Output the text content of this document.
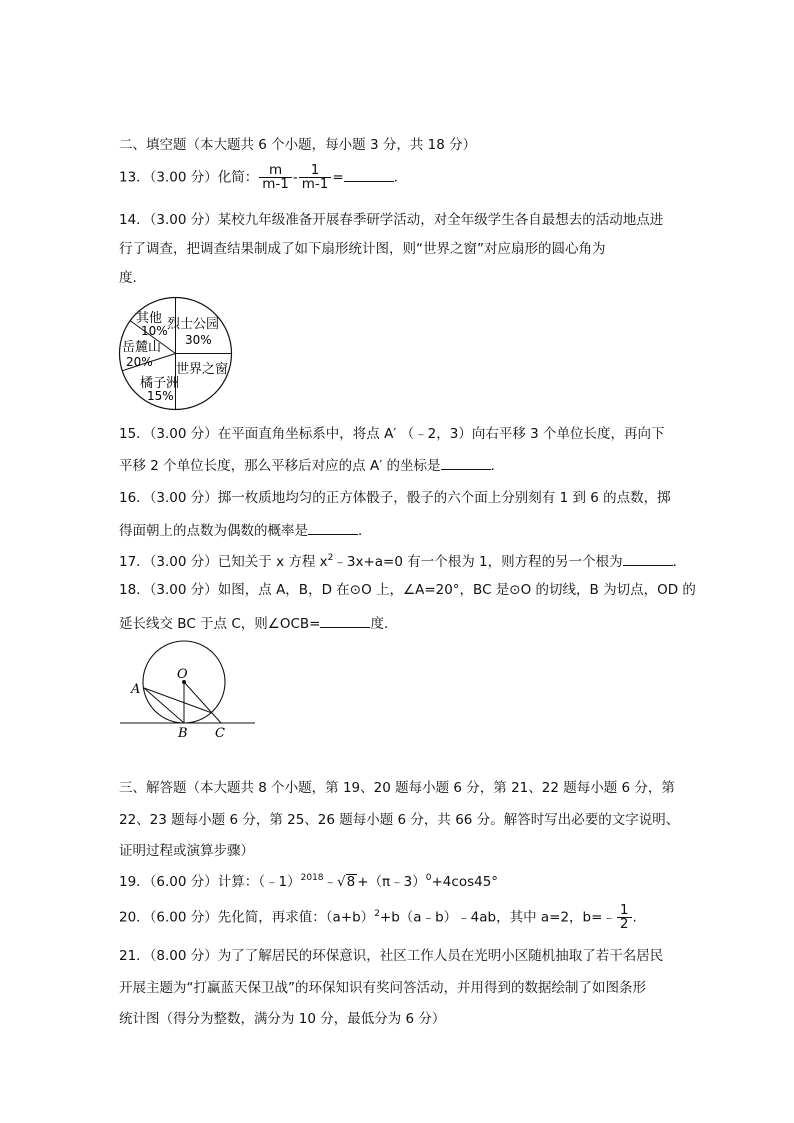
二、填空题（本大题共 6 个小题，每小题 3 分，共 18 分）
13．（3.00 分）化简： $\frac{m}{m-1} - \frac{1}{m-1}$ =	．
14．（3.00 分）某校九年级准备开展春季研学活动，对全年级学生各自最想去的活动地点进
行了调查，把调查结果制成了如下扇形统计图，则“世界之窗”对应扇形的圆心角为
度.
其他
10% 烈士公园
30%
岳麓山
20% 世界之窗
橘子洲
15%
15．（3.00 分）在平面直角坐标系中，将点 A′ （﹣2，3）向右平移 3 个单位长度，再向下
平移 2 个单位长度，那么平移后对应的点 A′ 的坐标是	．
16．（3.00 分）掷一枚质地均匀的正方体骰子，骰子的六个面上分别刻有 1 到 6 的点数，掷
得面朝上的点数为偶数的概率是	．
17．（3.00 分）已知关于 x 方程 $x^2﹣3x+a=0$ 有一个根为 1，则方程的另一个根为	．
18．（3.00 分）如图，点 A，B，D 在⊙O 上，∠A=20°，BC 是⊙O 的切线，B 为切点，OD 的
延长线交 BC 于点 C，则∠OCB=	度．
O
A
B C
三、解答题（本大题共 8 个小题，第 19、20 题每小题 6 分，第 21、22 题每小题 6 分，第
22、23 题每小题 6 分，第 25、26 题每小题 6 分，共 66 分。解答时写出必要的文字说明、
证明过程或演算步骤）
19．（6.00 分）计算：（﹣1）$^{2018}$﹣√8 +（π﹣3）$^0$+4cos45°
20．（6.00 分）先化简，再求值：$(a+b)^2+b(a﹣b)﹣4ab$，其中 a=2，b=﹣ $\frac{1}{2}$ .
21．（8.00 分）为了了解居民的环保意识，社区工作人员在光明小区随机抽取了若干名居民
开展主题为“打赢蓝天保卫战”的环保知识有奖问答活动，并用得到的数据绘制了如图条形
统计图（得分为整数，满分为 10 分，最低分为 6 分）
